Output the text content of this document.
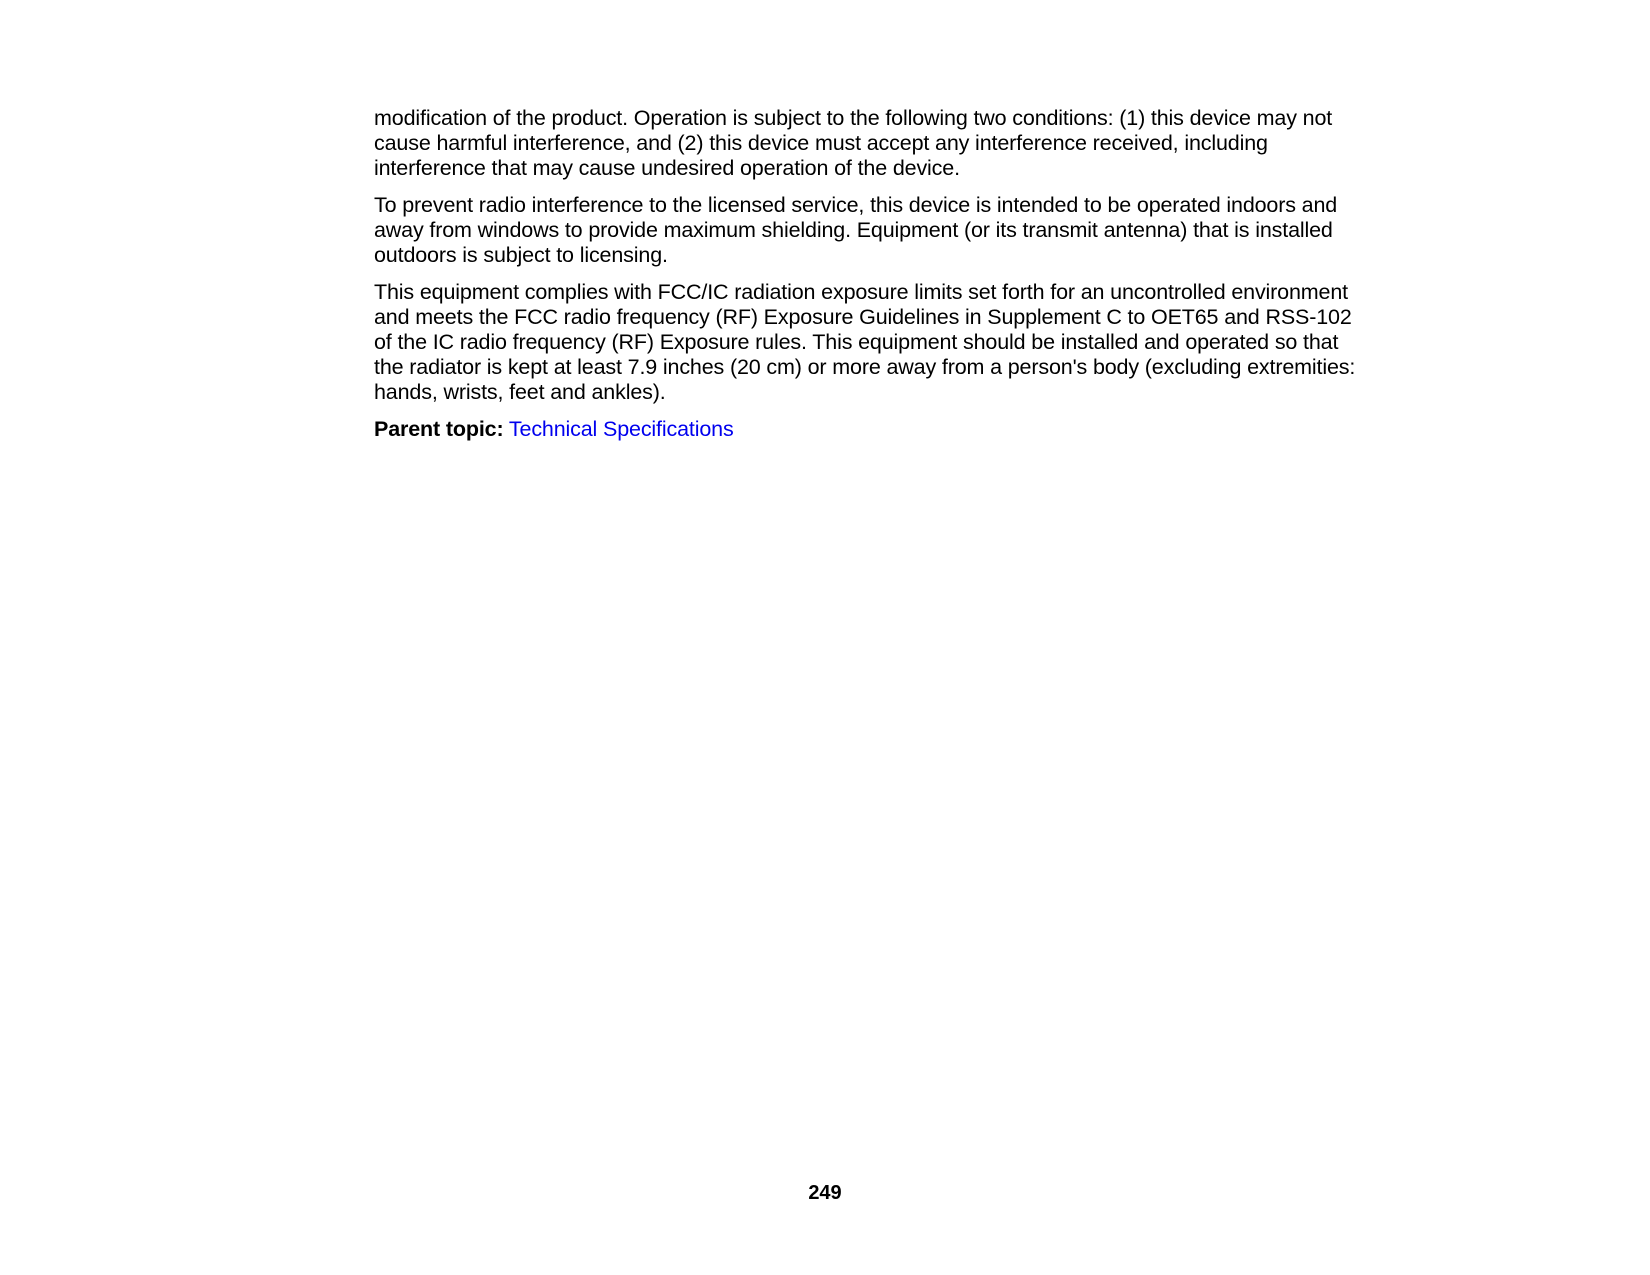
modification of the product. Operation is subject to the following two conditions: (1) this device may not
cause harmful interference, and (2) this device must accept any interference received, including
interference that may cause undesired operation of the device.

To prevent radio interference to the licensed service, this device is intended to be operated indoors and
away from windows to provide maximum shielding. Equipment (or its transmit antenna) that is installed
outdoors is subject to licensing.

This equipment complies with FCC/IC radiation exposure limits set forth for an uncontrolled environment
and meets the FCC radio frequency (RF) Exposure Guidelines in Supplement C to OET65 and RSS-102
of the IC radio frequency (RF) Exposure rules. This equipment should be installed and operated so that
the radiator is kept at least 7.9 inches (20 cm) or more away from a person's body (excluding extremities:
hands, wrists, feet and ankles).

Parent topic: Technical Specifications

249
